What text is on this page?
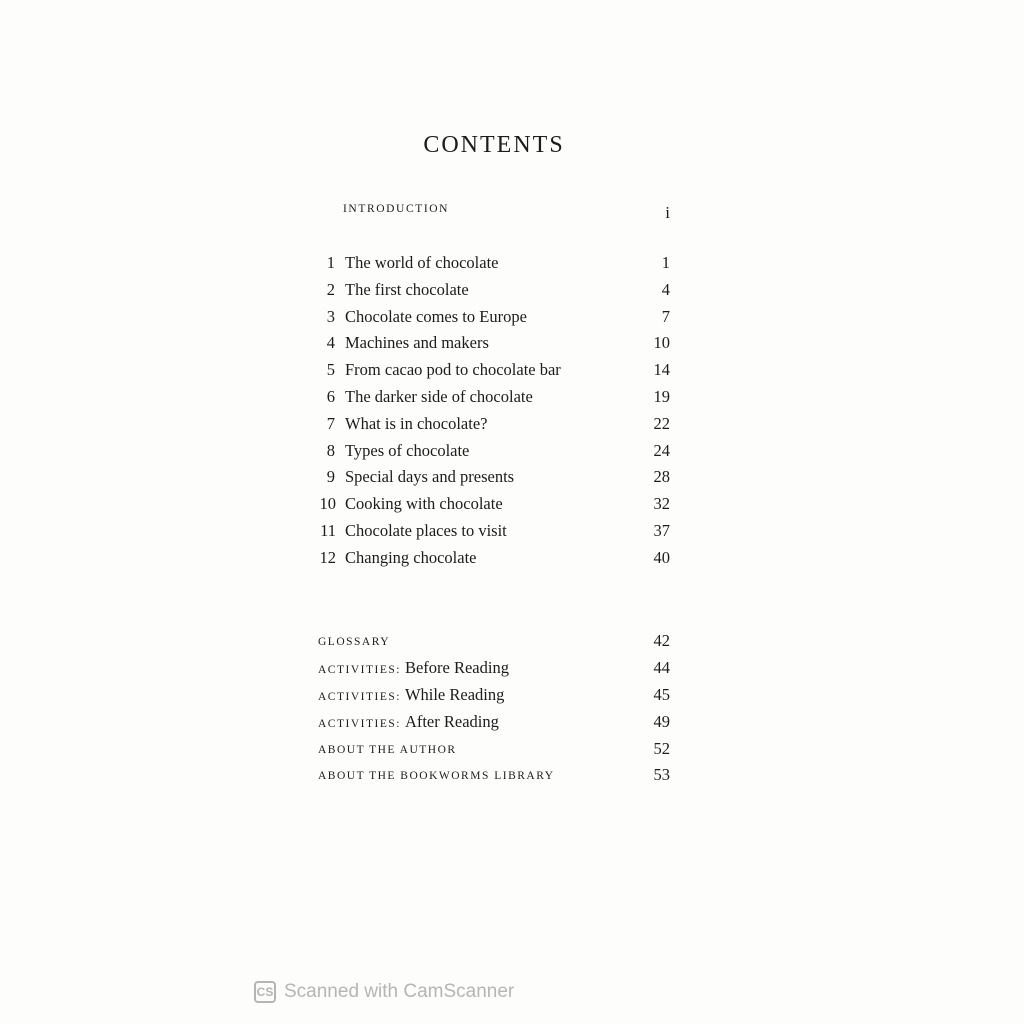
CONTENTS
INTRODUCTION	i
1 The world of chocolate	1
2 The first chocolate	4
3 Chocolate comes to Europe	7
4 Machines and makers	10
5 From cacao pod to chocolate bar	14
6 The darker side of chocolate	19
7 What is in chocolate?	22
8 Types of chocolate	24
9 Special days and presents	28
10 Cooking with chocolate	32
11 Chocolate places to visit	37
12 Changing chocolate	40
GLOSSARY	42
ACTIVITIES: Before Reading	44
ACTIVITIES: While Reading	45
ACTIVITIES: After Reading	49
ABOUT THE AUTHOR	52
ABOUT THE BOOKWORMS LIBRARY	53
CS Scanned with CamScanner
